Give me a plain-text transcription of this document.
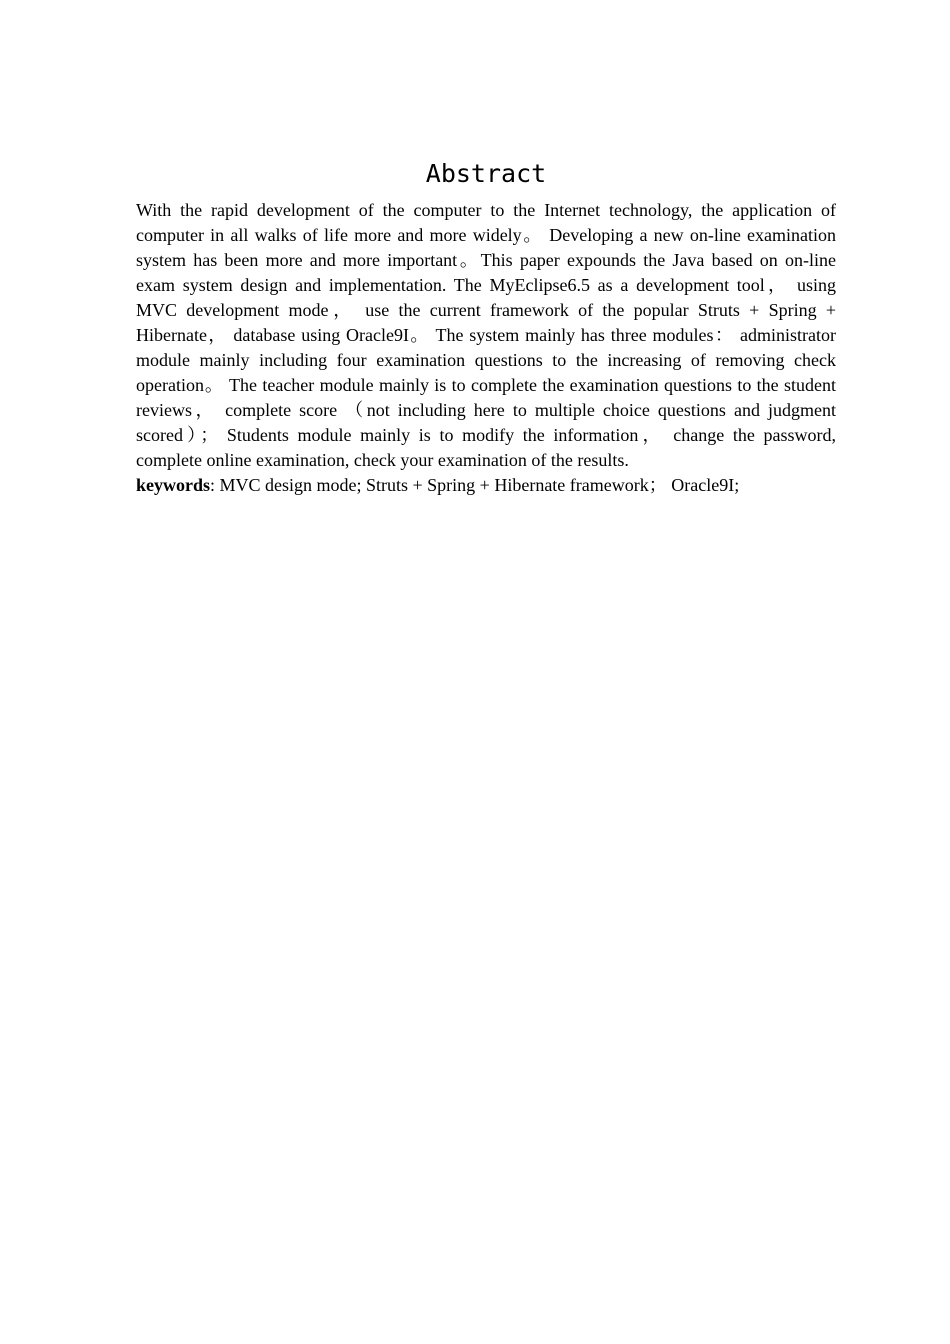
Abstract

With the rapid development of the computer to the Internet technology, the application of computer in all walks of life more and more widely。 Developing a new on-line examination system has been more and more important。This paper expounds the Java based on on-line exam system design and implementation. The MyEclipse6.5 as a development tool， using MVC development mode， use the current framework of the popular Struts + Spring + Hibernate， database using Oracle9I。 The system mainly has three modules： administrator module mainly including four examination questions to the increasing of removing check operation。 The teacher module mainly is to complete the examination questions to the student reviews， complete score （not including here to multiple choice questions and judgment scored）； Students module mainly is to modify the information， change the password, complete online examination, check your examination of the results.

keywords: MVC design mode; Struts + Spring + Hibernate framework； Oracle9I;
